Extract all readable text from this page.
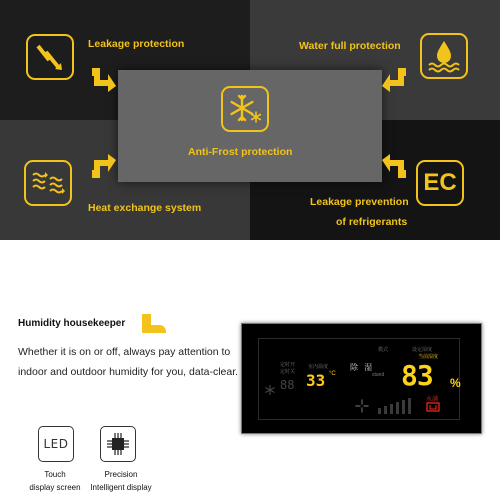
Leakage protection	Water full protection
Anti-Frost protection
Heat exchange system
EC
Leakage prevention
of refrigerants
Humidity housekeeper
Whether it is on or off, always pay attention to indoor and outdoor humidity for you, data-clear.
LED
Touch
display screen
Precision
Intelligent display
定时开
定时关
室内温度
模式
stand
设定湿度
当前湿度
88 33 °C
除 湿 83 %
水满
